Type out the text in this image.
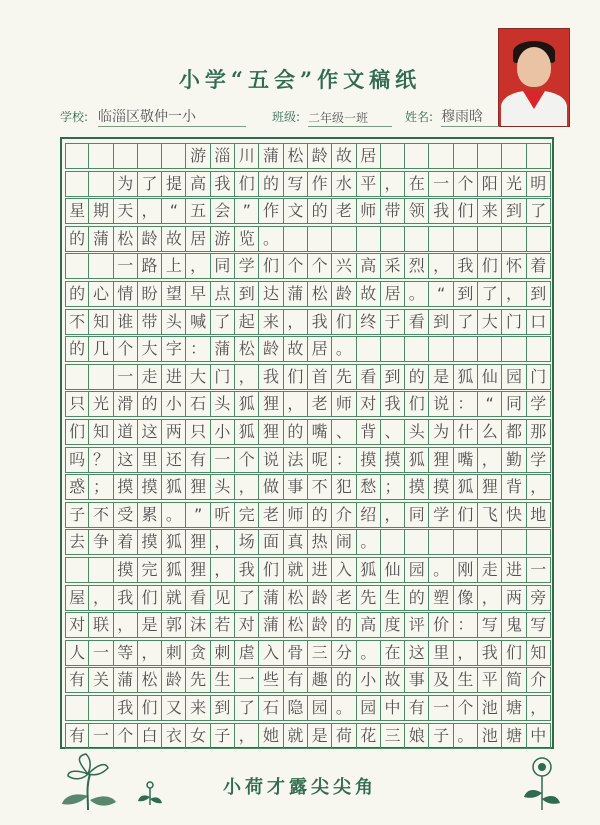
小学“五会”作文稿纸
学校: 临淄区敬仲一小	班级: 二年级一班	姓名: 穆雨晗
游 淄 川 蒲 松 龄 故 居
为 了 提 高 我 们 的 写 作 水 平 ， 在 一 个 阳 光 明
星 期 天 ， “ 五 会 ” 作 文 的 老 师 带 领 我 们 来 到 了
的 蒲 松 龄 故 居 游 览 。
一 路 上 ， 同 学 们 个 个 兴 高 采 烈 ， 我 们 怀 着
的 心 情 盼 望 早 点 到 达 蒲 松 龄 故 居 。 “ 到 了 ， 到
不 知 谁 带 头 喊 了 起 来 ， 我 们 终 于 看 到 了 大 门 口
的 几 个 大 字 ： 蒲 松 龄 故 居 。
一 走 进 大 门 ， 我 们 首 先 看 到 的 是 狐 仙 园 门
只 光 滑 的 小 石 头 狐 狸 ， 老 师 对 我 们 说 ： “ 同 学
们 知 道 这 两 只 小 狐 狸 的 嘴 、 背 、 头 为 什 么 都 那
吗 ？ 这 里 还 有 一 个 说 法 呢 ： 摸 摸 狐 狸 嘴 ， 勤 学
惑 ； 摸 摸 狐 狸 头 ， 做 事 不 犯 愁 ； 摸 摸 狐 狸 背 ，
子 不 受 累 。 ” 听 完 老 师 的 介 绍 ， 同 学 们 飞 快 地
去 争 着 摸 狐 狸 ， 场 面 真 热 闹 。
摸 完 狐 狸 ， 我 们 就 进 入 狐 仙 园 。 刚 走 进 一
屋 ， 我 们 就 看 见 了 蒲 松 龄 老 先 生 的 塑 像 ， 两 旁
对 联 ， 是 郭 沫 若 对 蒲 松 龄 的 高 度 评 价 ： 写 鬼 写
人 一 等 ， 刺 贪 刺 虐 入 骨 三 分 。 在 这 里 ， 我 们 知
有 关 蒲 松 龄 先 生 一 些 有 趣 的 小 故 事 及 生 平 简 介
我 们 又 来 到 了 石 隐 园 。 园 中 有 一 个 池 塘 ，
有 一 个 白 衣 女 子 ， 她 就 是 荷 花 三 娘 子 。 池 塘 中
小荷才露尖尖角
